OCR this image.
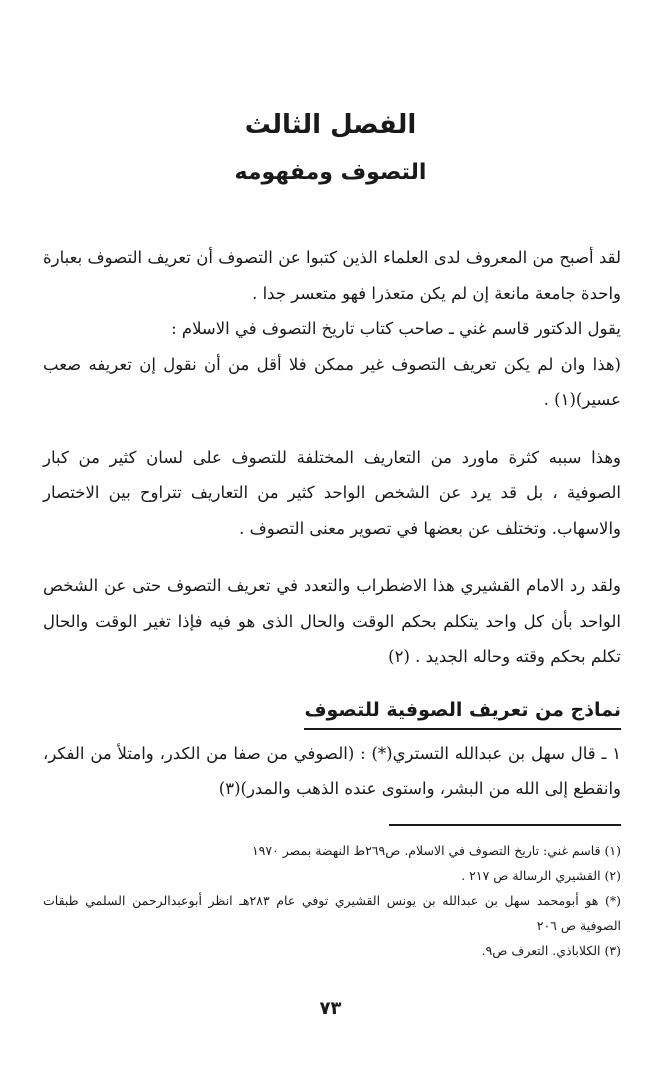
الفصل الثالث
التصوف ومفهومه

لقد أصبح من المعروف لدى العلماء الذين كتبوا عن التصوف أن تعريف التصوف بعبارة واحدة جامعة مانعة إن لم يكن متعذرا فهو متعسر جدا .

يقول الدكتور قاسم غني ـ صاحب كتاب تاريخ التصوف في الاسلام :

(هذا وان لم يكن تعريف التصوف غير ممكن فلا أقل من أن نقول إن تعريفه صعب عسير)(١) .

وهذا سببه كثرة ماورد من التعاريف المختلفة للتصوف على لسان كثير من كبار الصوفية ، بل قد يرد عن الشخص الواحد كثير من التعاريف تتراوح بين الاختصار والاسهاب. وتختلف عن بعضها في تصوير معنى التصوف .

ولقد رد الامام القشيري هذا الاضطراب والتعدد في تعريف التصوف حتى عن الشخص الواحد بأن كل واحد يتكلم بحكم الوقت والحال الذى هو فيه فإذا تغير الوقت والحال تكلم بحكم وقته وحاله الجديد . (٢)

نماذج من تعريف الصوفية للتصوف

١ ـ قال سهل بن عبدالله التستري(*) : (الصوفي من صفا من الكدر، وامتلأ من الفكر، وانقطع إلى الله من البشر، واستوى عنده الذهب والمدر)(٣)

(١) قاسم غني: تاريخ التصوف في الاسلام. ص٢٦٩ط النهضة بمصر ١٩٧٠

(٢) القشيري الرسالة ص ٢١٧ .

(*) هو أبومحمد سهل بن عبدالله بن يونس القشيري توفي عام ٢٨٣هـ انظر أبوعبدالرحمن السلمي طبقات الصوفية ص ٢٠٦

(٣) الكلاباذي. التعرف ص٩.

٧٣
